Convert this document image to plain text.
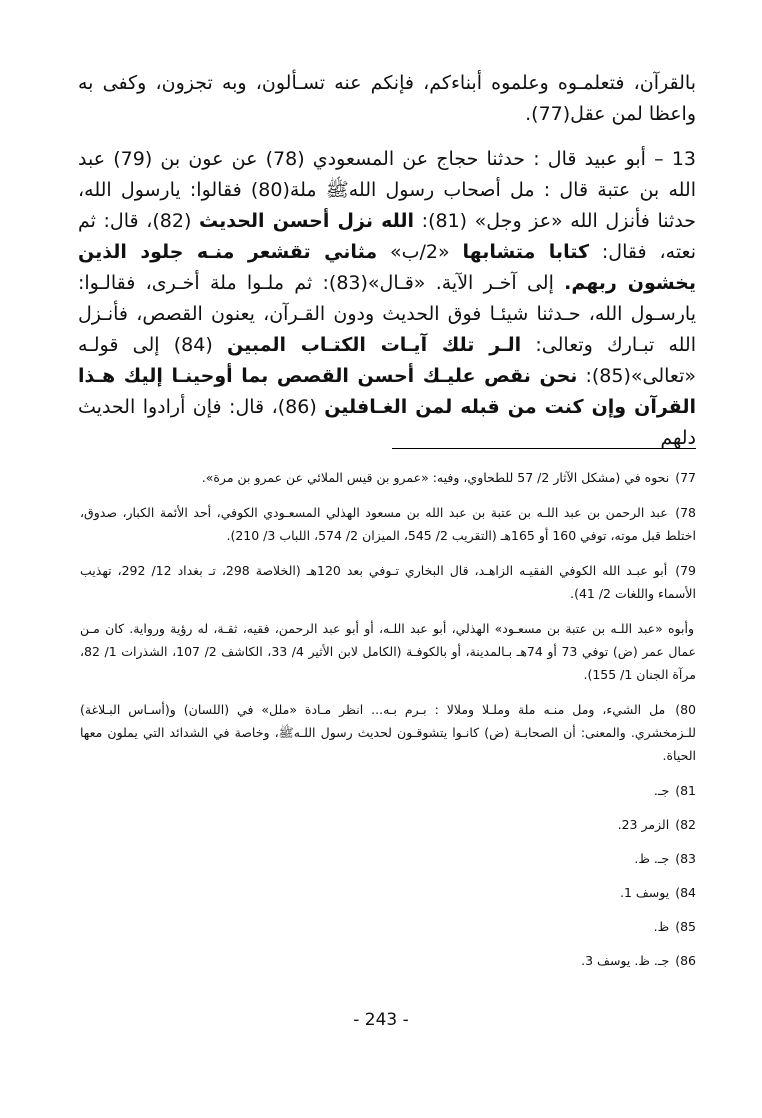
بالقرآن، فتعلمـوه وعلموه أبناءكم، فإنكم عنه تسـألون، وبه تجزون، وكفى به واعظا لمن عقل(77).

13 – أبو عبيد قال : حدثنا حجاج عن المسعودي (78) عن عون بن (79) عبد الله بن عتبة قال : مل أصحاب رسول اللهﷺ ملة(80) فقالوا: يارسول الله، حدثنا فأنزل الله «عز وجل» (81): الله نزل أحسن الحديث (82)، قال: ثم نعته، فقال: كتابا متشابها «2/ب» مثاني تقشعر منـه جلود الذين يخشون ربهم. إلى آخـر الآية. «قـال»(83): ثم ملـوا ملة أخـرى، فقالـوا: يارسـول الله، حـدثنا شيئـا فوق الحديث ودون القـرآن، يعنون القصص، فأنـزل الله تبـارك وتعالى: الـر تلك آيـات الكتـاب المبين (84) إلى قولـه «تعالى»(85): نحن نقص عليـك أحسن القصص بما أوحينـا إليك هـذا القرآن وإن كنت من قبله لمن الغـافلين (86)، قال: فإن أرادوا الحديث دلهم

77) نحوه في (مشكل الآثار 2/ 57 للطحاوي، وفيه: «عمرو بن قيس الملائي عن عمرو بن مرة».

78) عبد الرحمن بن عبد اللـه بن عتبة بن عبد الله بن مسعود الهذلي المسعـودي الكوفي، أحد الأئمة الكبار، صدوق، اختلط قبل موته، توفي 160 أو 165هـ (التقريب 2/ 545، الميزان 2/ 574، اللباب 3/ 210).

79) أبو عبـد الله الكوفي الفقيـه الزاهـد، قال البخاري تـوفي بعد 120هـ (الخلاصة 298، تـ بغداد 12/ 292، تهذيب الأسماء واللغات 2/ 41).

وأبوه «عبد اللـه بن عتبة بن مسعـود» الهذلي، أبو عبد اللـه، أو أبو عبد الرحمن، فقيه، ثقـة، له رؤية ورواية. كان مـن عمال عمر (ض) توفي 73 أو 74هـ بـالمدينة، أو بالكوفـة (الكامل لابن الأثير 4/ 33، الكاشف 2/ 107، الشذرات 1/ 82، مرآة الجنان 1/ 155).

80) مل الشيء، ومل منـه ملة وملـلا وملالا : بـرم بـه... انظر مـادة «ملل» في (اللسان) و(أسـاس البـلاغة) للـزمخشري. والمعنى: أن الصحابـة (ض) كانـوا يتشوقـون لحديث رسول اللـهﷺ، وخاصة في الشدائد التي يملون معها الحياة.

81) جـ.

82) الزمر 23.

83) جـ. ظ.

84) يوسف 1.

85) ظ.

86) جـ. ظ. يوسف 3.

- 243 -
